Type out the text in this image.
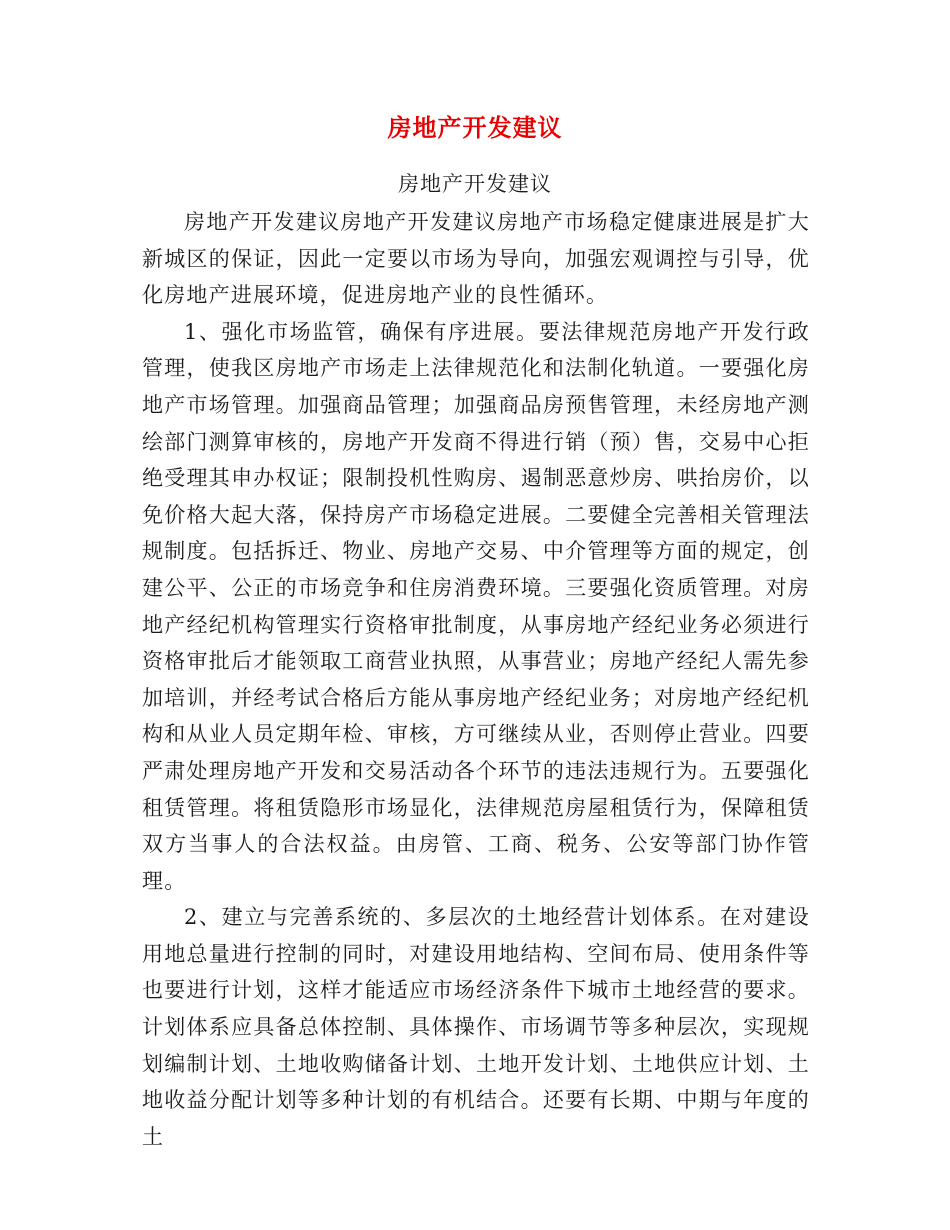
房地产开发建议
房地产开发建议

房地产开发建议房地产开发建议房地产市场稳定健康进展是扩大新城区的保证，因此一定要以市场为导向，加强宏观调控与引导，优化房地产进展环境，促进房地产业的良性循环。

1、强化市场监管，确保有序进展。要法律规范房地产开发行政管理，使我区房地产市场走上法律规范化和法制化轨道。一要强化房地产市场管理。加强商品管理；加强商品房预售管理，未经房地产测绘部门测算审核的，房地产开发商不得进行销（预）售，交易中心拒绝受理其申办权证；限制投机性购房、遏制恶意炒房、哄抬房价，以免价格大起大落，保持房产市场稳定进展。二要健全完善相关管理法规制度。包括拆迁、物业、房地产交易、中介管理等方面的规定，创建公平、公正的市场竞争和住房消费环境。三要强化资质管理。对房地产经纪机构管理实行资格审批制度，从事房地产经纪业务必须进行资格审批后才能领取工商营业执照，从事营业；房地产经纪人需先参加培训，并经考试合格后方能从事房地产经纪业务；对房地产经纪机构和从业人员定期年检、审核，方可继续从业，否则停止营业。四要严肃处理房地产开发和交易活动各个环节的违法违规行为。五要强化租赁管理。将租赁隐形市场显化，法律规范房屋租赁行为，保障租赁双方当事人的合法权益。由房管、工商、税务、公安等部门协作管理。

2、建立与完善系统的、多层次的土地经营计划体系。在对建设用地总量进行控制的同时，对建设用地结构、空间布局、使用条件等也要进行计划，这样才能适应市场经济条件下城市土地经营的要求。计划体系应具备总体控制、具体操作、市场调节等多种层次，实现规划编制计划、土地收购储备计划、土地开发计划、土地供应计划、土地收益分配计划等多种计划的有机结合。还要有长期、中期与年度的土
